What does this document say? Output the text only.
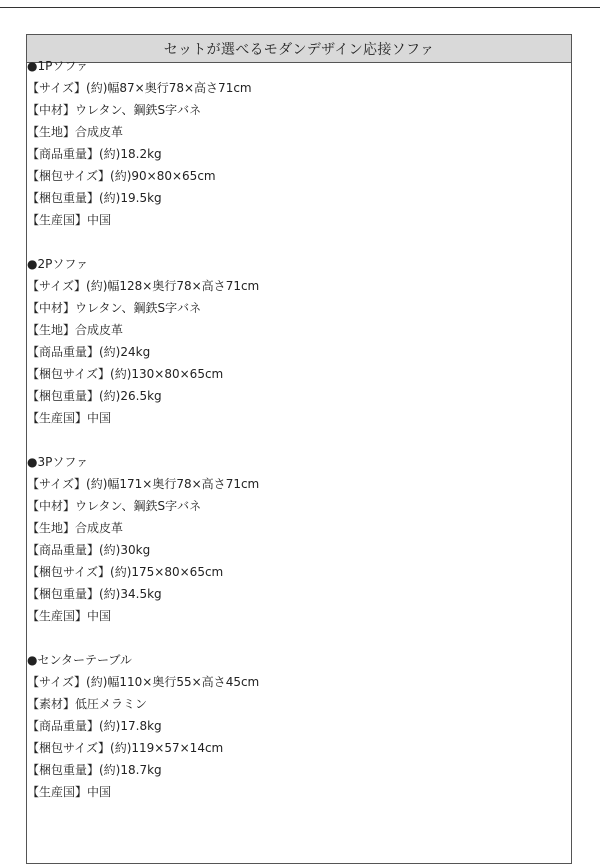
セットが選べるモダンデザイン応接ソファ
●1Pソファ
【サイズ】(約)幅87×奥行78×高さ71cm
【中材】ウレタン、鋼鉄S字バネ
【生地】合成皮革
【商品重量】(約)18.2kg
【梱包サイズ】(約)90×80×65cm
【梱包重量】(約)19.5kg
【生産国】中国
●2Pソファ
【サイズ】(約)幅128×奥行78×高さ71cm
【中材】ウレタン、鋼鉄S字バネ
【生地】合成皮革
【商品重量】(約)24kg
【梱包サイズ】(約)130×80×65cm
【梱包重量】(約)26.5kg
【生産国】中国
●3Pソファ
【サイズ】(約)幅171×奥行78×高さ71cm
【中材】ウレタン、鋼鉄S字バネ
【生地】合成皮革
【商品重量】(約)30kg
【梱包サイズ】(約)175×80×65cm
【梱包重量】(約)34.5kg
【生産国】中国
●センターテーブル
【サイズ】(約)幅110×奥行55×高さ45cm
【素材】低圧メラミン
【商品重量】(約)17.8kg
【梱包サイズ】(約)119×57×14cm
【梱包重量】(約)18.7kg
【生産国】中国
